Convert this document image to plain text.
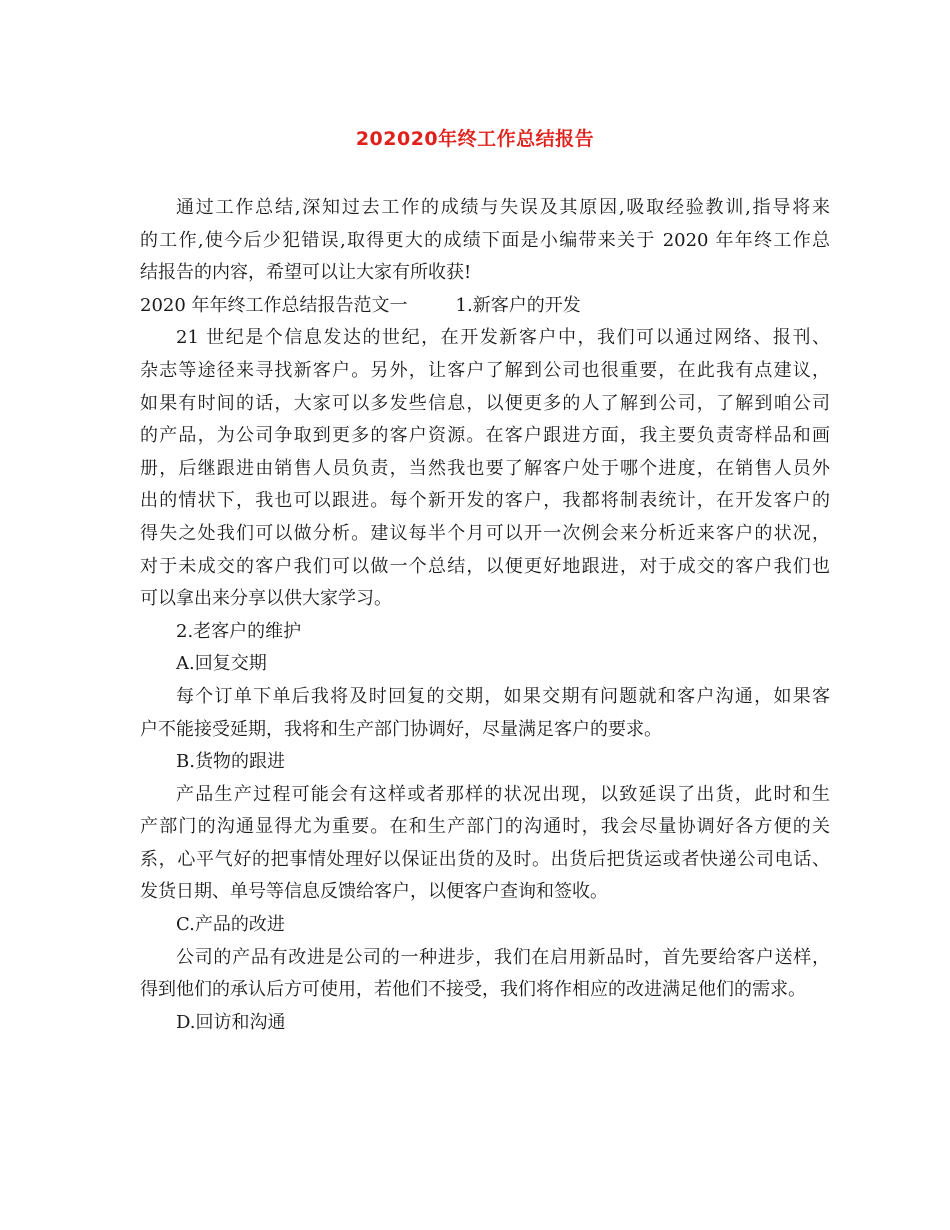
202020年终工作总结报告
通过工作总结,深知过去工作的成绩与失误及其原因,吸取经验教训,指导将来
的工作,使今后少犯错误,取得更大的成绩下面是小编带来关于 2020 年年终工作总
结报告的内容，希望可以让大家有所收获!
2020 年年终工作总结报告范文一	1.新客户的开发
21 世纪是个信息发达的世纪，在开发新客户中，我们可以通过网络、报刊、
杂志等途径来寻找新客户。另外，让客户了解到公司也很重要，在此我有点建议，
如果有时间的话，大家可以多发些信息，以便更多的人了解到公司，了解到咱公司
的产品，为公司争取到更多的客户资源。在客户跟进方面，我主要负责寄样品和画
册，后继跟进由销售人员负责，当然我也要了解客户处于哪个进度，在销售人员外
出的情状下，我也可以跟进。每个新开发的客户，我都将制表统计，在开发客户的
得失之处我们可以做分析。建议每半个月可以开一次例会来分析近来客户的状况，
对于未成交的客户我们可以做一个总结，以便更好地跟进，对于成交的客户我们也
可以拿出来分享以供大家学习。
2.老客户的维护
A.回复交期
每个订单下单后我将及时回复的交期，如果交期有问题就和客户沟通，如果客
户不能接受延期，我将和生产部门协调好，尽量满足客户的要求。
B.货物的跟进
产品生产过程可能会有这样或者那样的状况出现，以致延误了出货，此时和生
产部门的沟通显得尤为重要。在和生产部门的沟通时，我会尽量协调好各方便的关
系，心平气好的把事情处理好以保证出货的及时。出货后把货运或者快递公司电话、
发货日期、单号等信息反馈给客户，以便客户查询和签收。
C.产品的改进
公司的产品有改进是公司的一种进步，我们在启用新品时，首先要给客户送样，
得到他们的承认后方可使用，若他们不接受，我们将作相应的改进满足他们的需求。
D.回访和沟通
